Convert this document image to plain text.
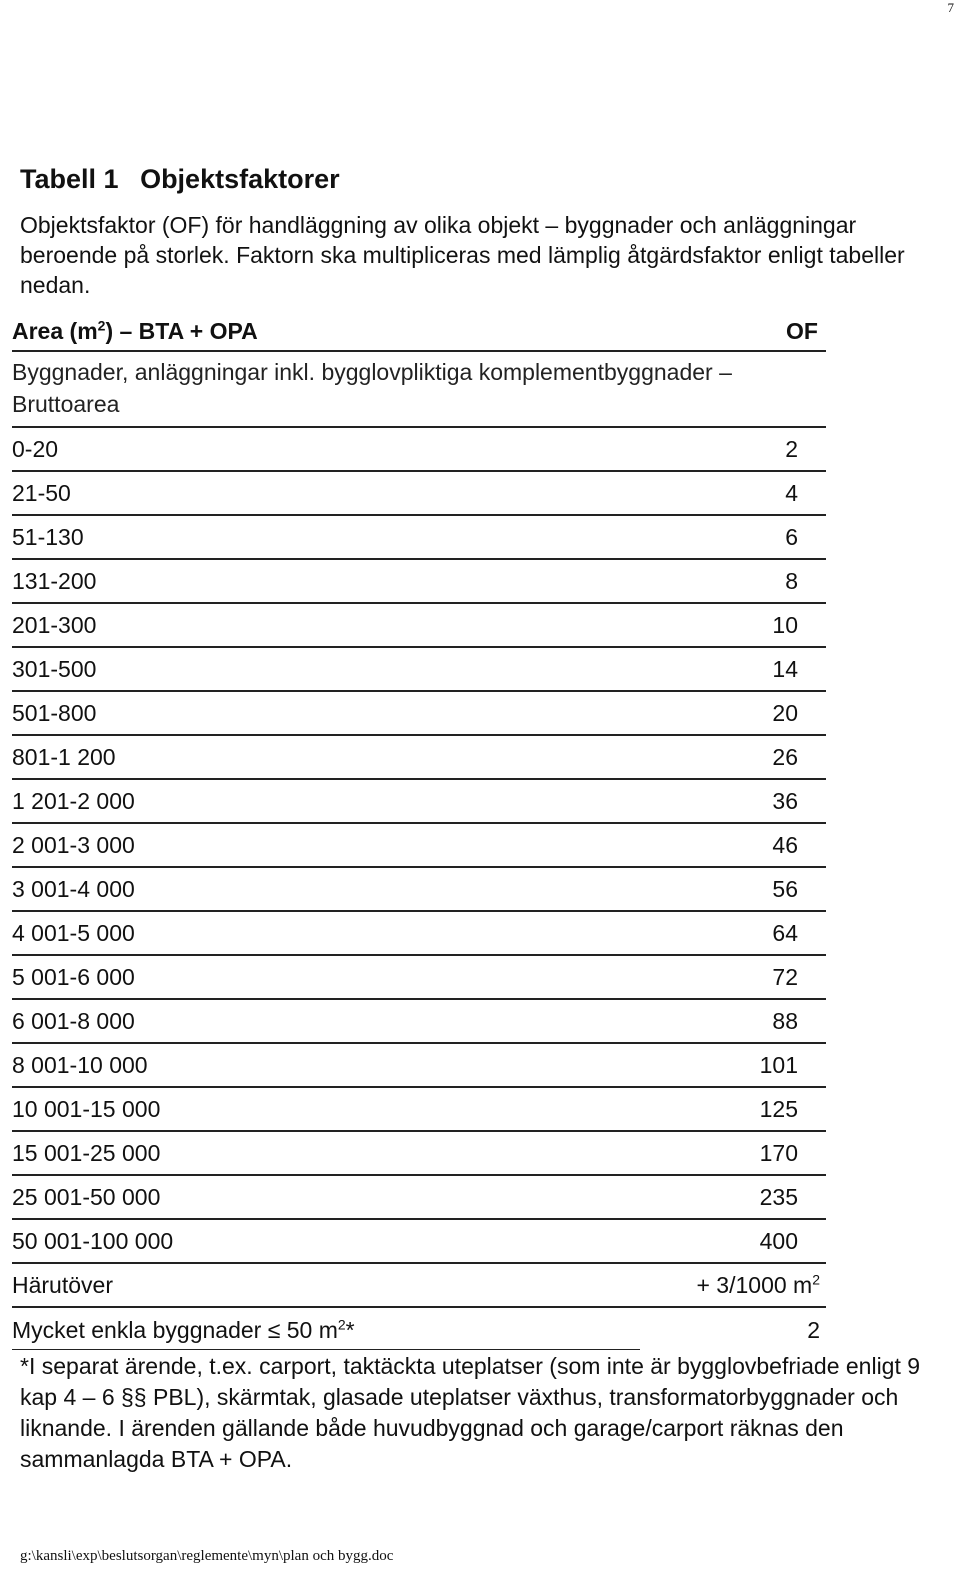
7
Tabell 1 Objektsfaktorer

Objektsfaktor (OF) för handläggning av olika objekt – byggnader och anläggningar beroende på storlek. Faktorn ska multipliceras med lämplig åtgärdsfaktor enligt tabeller nedan.

Area $(m^2)$ – BTA + OPA	OF
Byggnader, anläggningar inkl. bygglovpliktiga komplementbyggnader – Bruttoarea
0-20	2
21-50	4
51-130	6
131-200	8
201-300	10
301-500	14
501-800	20
801-1 200	26
1 201-2 000	36
2 001-3 000	46
3 001-4 000	56
4 001-5 000	64
5 001-6 000	72
6 001-8 000	88
8 001-10 000	101
10 001-15 000	125
15 001-25 000	170
25 001-50 000	235
50 001-100 000	400
Härutöver	+ 3/1000 $m^2$
Mycket enkla byggnader ≤ 50 $m^2*$	2

*I separat ärende, t.ex. carport, taktäckta uteplatser (som inte är bygglovbefriade enligt 9 kap 4 – 6 §§ PBL), skärmtak, glasade uteplatser växthus, transformatorbyggnader och liknande. I ärenden gällande både huvudbyggnad och garage/carport räknas den sammanlagda BTA + OPA.

g:\kansli\exp\beslutsorgan\reglemente\myn\plan och bygg.doc
